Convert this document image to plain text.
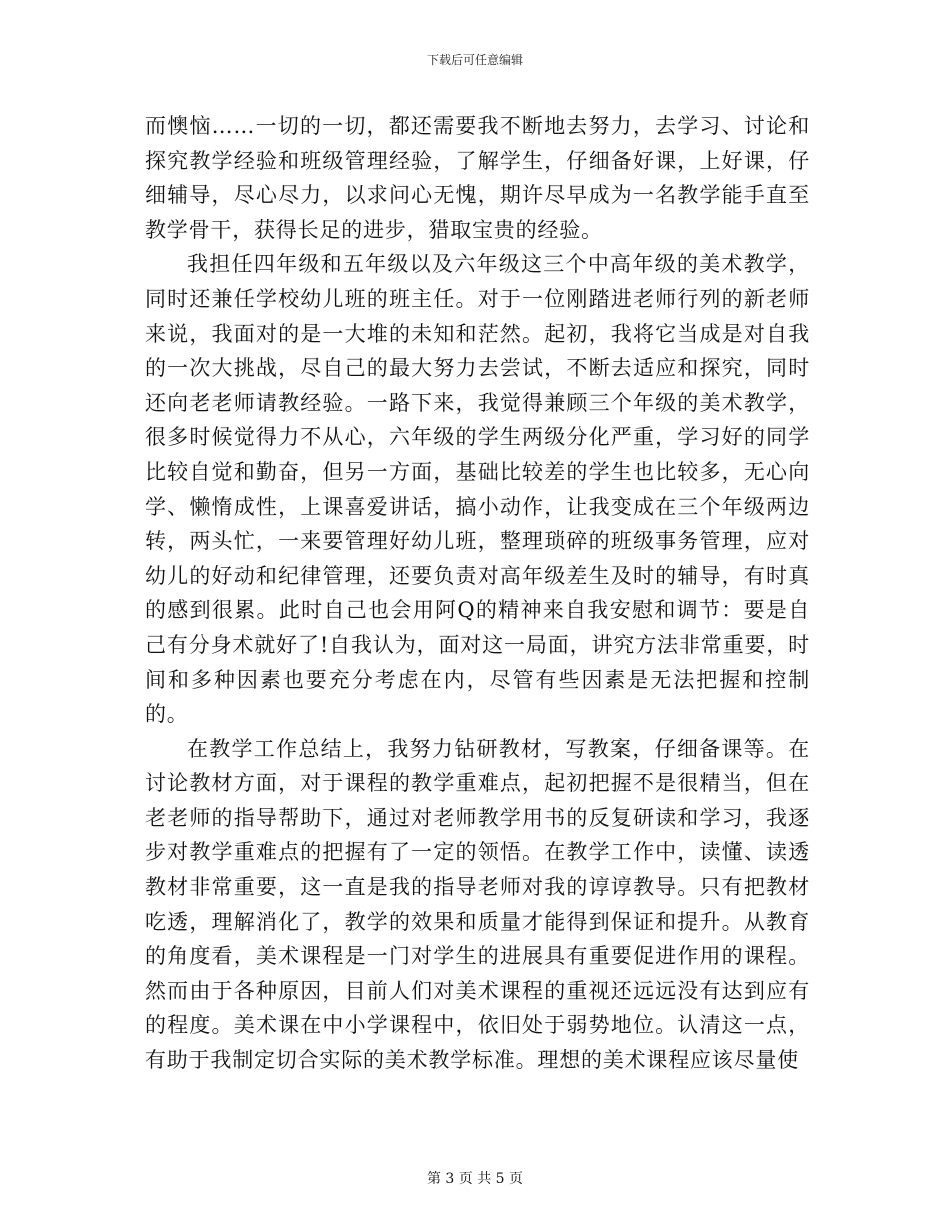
下载后可任意编辑

而懊恼……一切的一切，都还需要我不断地去努力，去学习、讨论和探究教学经验和班级管理经验，了解学生，仔细备好课，上好课，仔细辅导，尽心尽力，以求问心无愧，期许尽早成为一名教学能手直至教学骨干，获得长足的进步，猎取宝贵的经验。

我担任四年级和五年级以及六年级这三个中高年级的美术教学，同时还兼任学校幼儿班的班主任。对于一位刚踏进老师行列的新老师来说，我面对的是一大堆的未知和茫然。起初，我将它当成是对自我的一次大挑战，尽自己的最大努力去尝试，不断去适应和探究，同时还向老老师请教经验。一路下来，我觉得兼顾三个年级的美术教学，很多时候觉得力不从心，六年级的学生两级分化严重，学习好的同学比较自觉和勤奋，但另一方面，基础比较差的学生也比较多，无心向学、懒惰成性，上课喜爱讲话，搞小动作，让我变成在三个年级两边转，两头忙，一来要管理好幼儿班，整理琐碎的班级事务管理，应对幼儿的好动和纪律管理，还要负责对高年级差生及时的辅导，有时真的感到很累。此时自己也会用阿Q的精神来自我安慰和调节：要是自己有分身术就好了!自我认为，面对这一局面，讲究方法非常重要，时间和多种因素也要充分考虑在内，尽管有些因素是无法把握和控制的。

在教学工作总结上，我努力钻研教材，写教案，仔细备课等。在讨论教材方面，对于课程的教学重难点，起初把握不是很精当，但在老老师的指导帮助下，通过对老师教学用书的反复研读和学习，我逐步对教学重难点的把握有了一定的领悟。在教学工作中，读懂、读透教材非常重要，这一直是我的指导老师对我的谆谆教导。只有把教材吃透，理解消化了，教学的效果和质量才能得到保证和提升。从教育的角度看，美术课程是一门对学生的进展具有重要促进作用的课程。然而由于各种原因，目前人们对美术课程的重视还远远没有达到应有的程度。美术课在中小学课程中，依旧处于弱势地位。认清这一点，有助于我制定切合实际的美术教学标准。理想的美术课程应该尽量使

第 3 页 共 5 页
